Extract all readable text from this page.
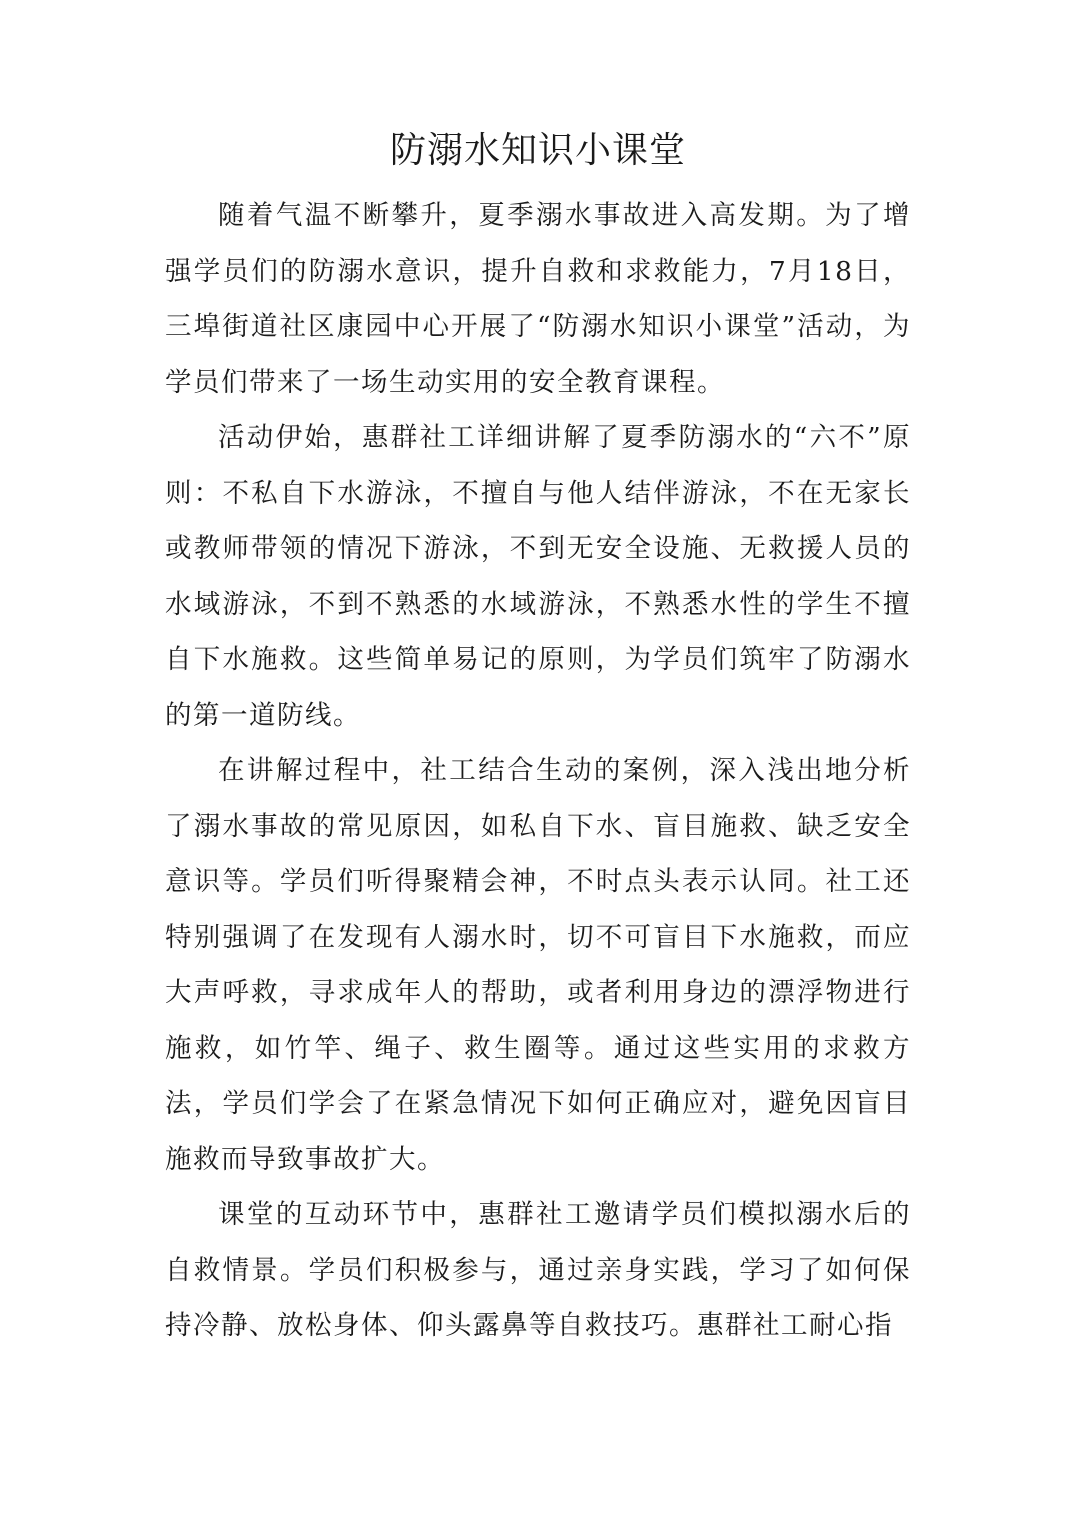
防溺水知识小课堂

随着气温不断攀升，夏季溺水事故进入高发期。为了增强学员们的防溺水意识，提升自救和求救能力，7月18日，三埠街道社区康园中心开展了“防溺水知识小课堂”活动，为学员们带来了一场生动实用的安全教育课程。

活动伊始，惠群社工详细讲解了夏季防溺水的“六不”原则：不私自下水游泳，不擅自与他人结伴游泳，不在无家长或教师带领的情况下游泳，不到无安全设施、无救援人员的水域游泳，不到不熟悉的水域游泳，不熟悉水性的学生不擅自下水施救。这些简单易记的原则，为学员们筑牢了防溺水的第一道防线。

在讲解过程中，社工结合生动的案例，深入浅出地分析了溺水事故的常见原因，如私自下水、盲目施救、缺乏安全意识等。学员们听得聚精会神，不时点头表示认同。社工还特别强调了在发现有人溺水时，切不可盲目下水施救，而应大声呼救，寻求成年人的帮助，或者利用身边的漂浮物进行施救，如竹竿、绳子、救生圈等。通过这些实用的求救方法，学员们学会了在紧急情况下如何正确应对，避免因盲目施救而导致事故扩大。

课堂的互动环节中，惠群社工邀请学员们模拟溺水后的自救情景。学员们积极参与，通过亲身实践，学习了如何保持冷静、放松身体、仰头露鼻等自救技巧。惠群社工耐心指
